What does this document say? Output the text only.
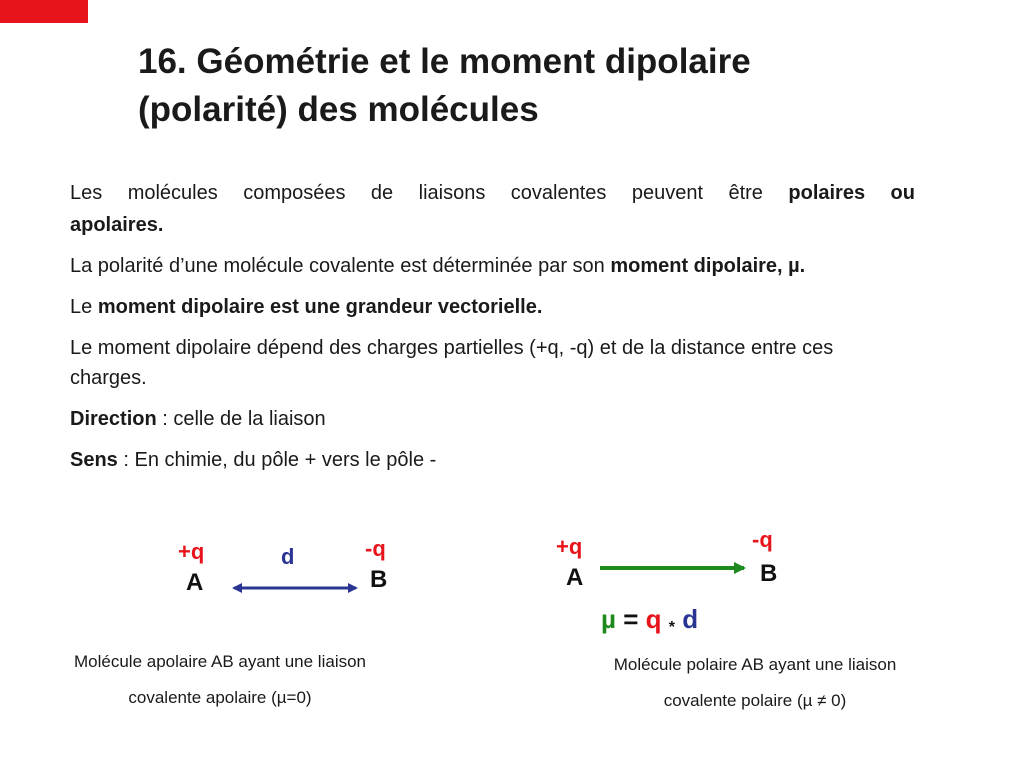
16. Géométrie et le moment dipolaire
(polarité) des molécules

Les molécules composées de liaisons covalentes peuvent être polaires ou

apolaires.

La polarité d’une molécule covalente est déterminée par son moment dipolaire, µ.

Le moment dipolaire est une grandeur vectorielle.

Le moment dipolaire dépend des charges partielles (+q, -q) et de la distance entre ces charges.

Direction : celle de la liaison

Sens : En chimie, du pôle + vers le pôle -

+q
A
d	-q
B
+q
A
-q
B
µ = q * d
Molécule apolaire AB ayant une liaison
covalente apolaire (µ=0)
Molécule polaire AB ayant une liaison
covalente polaire (µ ≠ 0)
